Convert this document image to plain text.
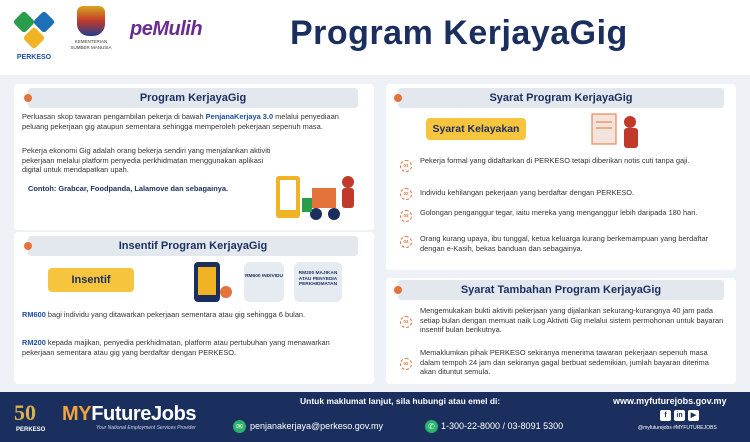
PERKESO
KEMENTERIAN SUMBER MANUSIA
peMulih
	Program KerjayaGig
Program KerjayaGig
Perluasan skop tawaran pengambilan pekerja di bawah PenjanaKerjaya 3.0 melalui penyediaan peluang pekerjaan gig ataupun sementara sehingga memperoleh pekerjaan sepenuh masa.
Pekerja ekonomi Gig adalah orang bekerja sendiri yang menjalankan aktiviti pekerjaan melalui platform penyedia perkhidmatan menggunakan aplikasi digital untuk mendapatkan upah.
Contoh: Grabcar, Foodpanda, Lalamove dan sebagainya.
Insentif Program KerjayaGig
Insentif	RM600 INDIVIDU
RM200 MAJIKAN ATAU PENYEDIA PERKHIDMATAN
RM600 bagi individu yang ditawarkan pekerjaan sementara atau gig sehingga 6 bulan.
RM200 kepada majikan, penyedia perkhidmatan, platform atau pertubuhan yang menawarkan pekerjaan sementara atau gig yang berdaftar dengan PERKESO.
Syarat Program KerjayaGig
Syarat Kelayakan
01
Pekerja formal yang didaftarkan di PERKESO tetapi diberikan notis cuti tanpa gaji.
02	Individu kehilangan pekerjaan yang berdaftar dengan PERKESO.
03	Golongan penganggur tegar, iaitu mereka yang menganggur lebih daripada 180 hari.
04	Orang kurang upaya, ibu tunggal, ketua keluarga kurang berkemampuan yang berdaftar dengan e-Kasih, bekas banduan dan sebagainya.
Syarat Tambahan Program KerjayaGig
01
Mengemukakan bukti aktiviti pekerjaan yang dijalankan sekurang-kurangnya 40 jam pada setiap bulan dengan memuat naik Log Aktiviti Gig melalui sistem permohonan untuk bayaran insentif bulan berikutnya.
02
Memaklumkan pihak PERKESO sekiranya menerima tawaran pekerjaan sepenuh masa dalam tempoh 24 jam dan sekiranya gagal berbuat sedemikian, jumlah bayaran diterima akan dituntut semula.
50
PERKESO
MYFutureJobs
Your National Employment Services Provider
Untuk maklumat lanjut, sila hubungi atau emel di:
✉ penjanakerjaya@perkeso.gov.my	✆ 1-300-22-8000 / 03-8091 5300
www.myfuturejobs.gov.my
f	in	▶
@myfuturejobs #MYFUTUREJOBS
